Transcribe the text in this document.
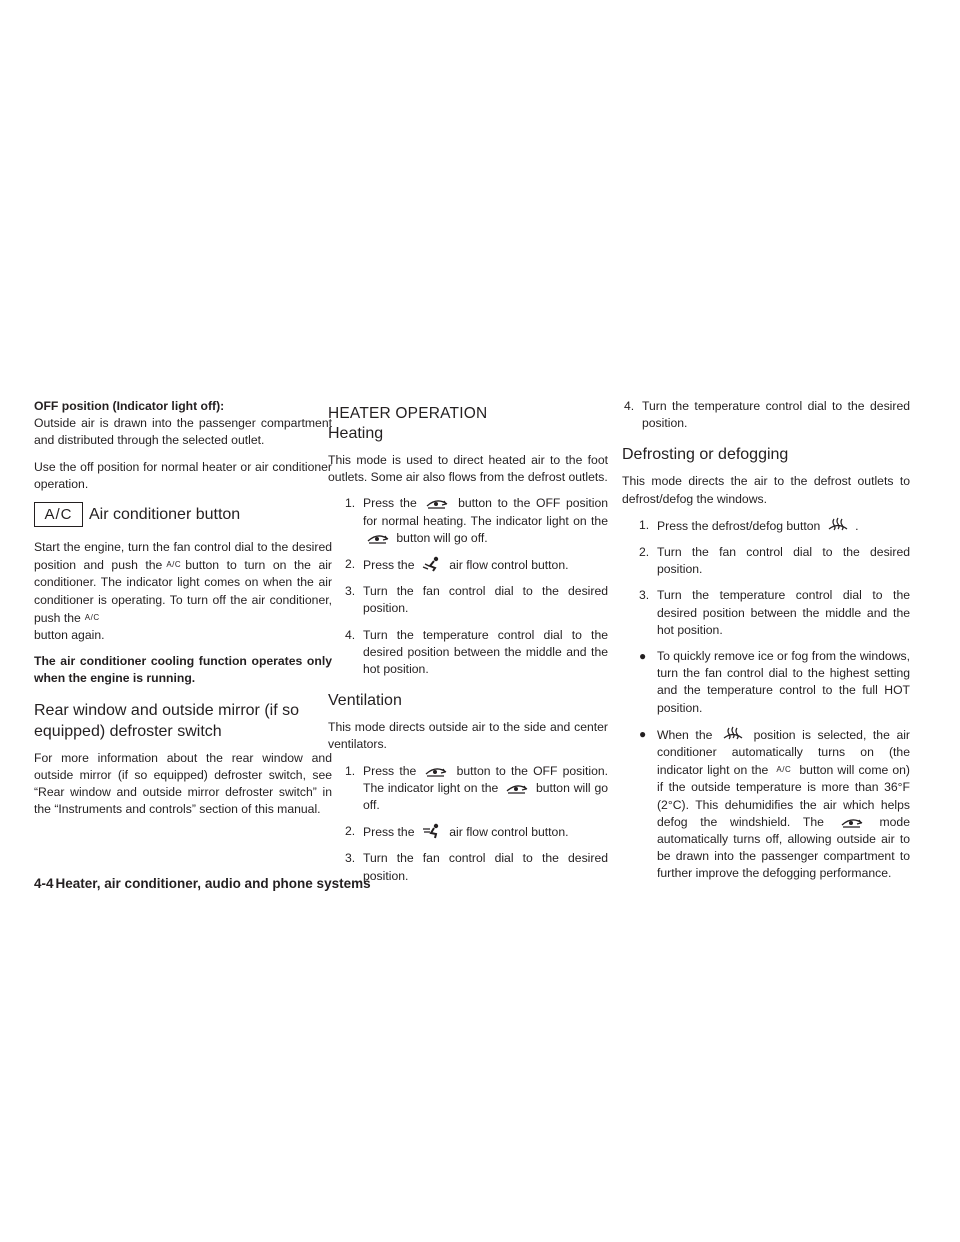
OFF position (Indicator light off):

Outside air is drawn into the passenger compartment and distributed through the selected outlet.

Use the off position for normal heater or air conditioner operation.

A/C	Air conditioner button

Start the engine, turn the fan control dial to the desired position and push the A/C button to turn on the air conditioner. The indicator light comes on when the air conditioner is operating. To turn off the air conditioner, push the A/C
button again.

The air conditioner cooling function operates only when the engine is running.

Rear window and outside mirror (if so equipped) defroster switch

For more information about the rear window and outside mirror (if so equipped) defroster switch, see “Rear window and outside mirror defroster switch” in the “Instruments and controls” section of this manual.

HEATER OPERATION
Heating

This mode is used to direct heated air to the foot outlets. Some air also flows from the defrost outlets.

1. Press the	button to the OFF position for normal heating. The indicator light on the  button will go off.
2. Press the	air flow control button.
3. Turn the fan control dial to the desired position.
4. Turn the temperature control dial to the desired position between the middle and the hot position.
Ventilation

This mode directs outside air to the side and center ventilators.

1. Press the	button to the OFF position. The indicator light on the	button will go off.
2. Press the	air flow control button.
3. Turn the fan control dial to the desired position.
4. Turn the temperature control dial to the desired position.
Defrosting or defogging

This mode directs the air to the defrost outlets to defrost/defog the windows.

1. Press the defrost/defog button	.
2. Turn the fan control dial to the desired position.
3. Turn the temperature control dial to the desired position between the middle and the hot position.
● To quickly remove ice or fog from the windows, turn the fan control dial to the highest setting and the temperature control to the full HOT position.
● When the	position is selected, the air conditioner automatically turns on (the indicator light on the A/C button will come on) if the outside temperature is more than 36°F (2°C). This dehumidifies the air which helps defog the windshield. The	mode automatically turns off, allowing outside air to be drawn into the passenger compartment to further improve the defogging performance.
4-4 Heater, air conditioner, audio and phone systems
